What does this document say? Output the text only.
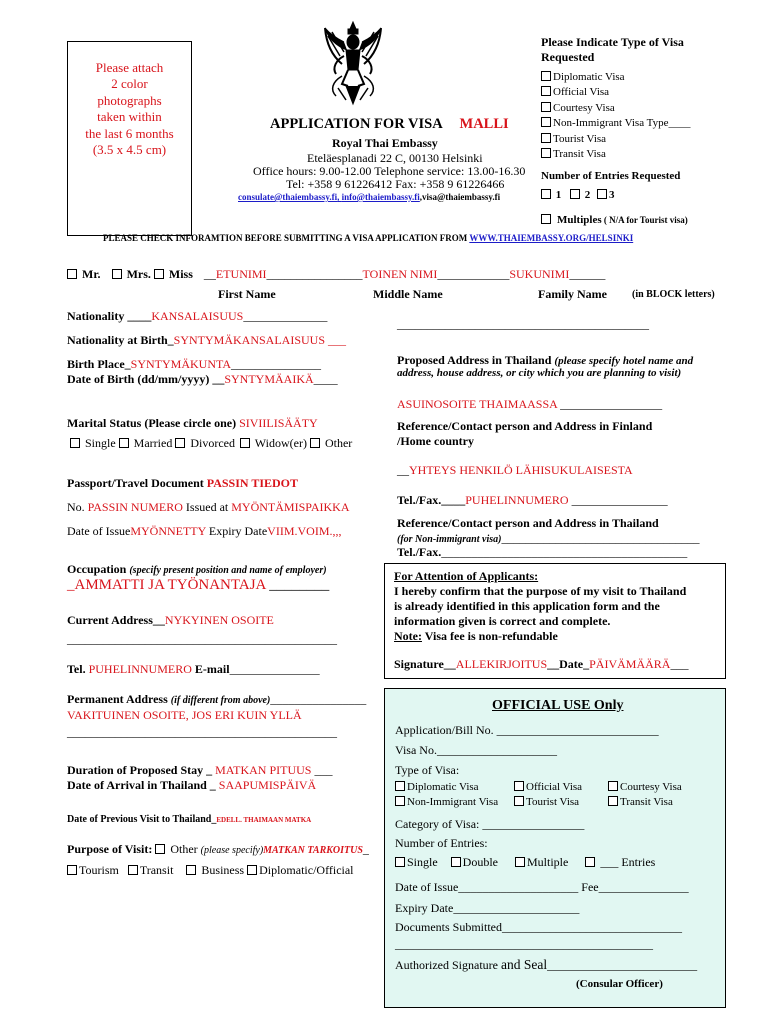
Please attach
2 color
photographs
taken within
the last 6 months
(3.5 x 4.5 cm)
APPLICATION FOR VISA MALLI
Royal Thai Embassy
Eteläesplanadi 22 C, 00130 Helsinki
Office hours: 9.00-12.00 Telephone service: 13.00-16.30
Tel: +358 9 61226412 Fax: +358 9 61226466
consulate@thaiembassy.fi, info@thaiembassy.fi,visa@thaiembassy.fi
Please Indicate Type of Visa
Requested
Diplomatic Visa
Official Visa
Courtesy Visa
Non-Immigrant Visa Type____
Tourist Visa
Transit Visa
Number of Entries Requested
1 2 3
Multiples ( N/A for Tourist visa)
PLEASE CHECK INFORAMTION BEFORE SUBMITTING A VISA APPLICATION FROM WWW.THAIEMBASSY.ORG/HELSINKI
Mr. Mrs. Miss __ETUNIMI________________TOINEN NIMI____________SUKUNIMI______
First Name	Middle Name	Family Name	(in BLOCK letters)
Nationality ____KANSALAISUUS______________
Nationality at Birth_SYNTYMÄKANSALAISUUS ___
Birth Place_SYNTYMÄKUNTA_______________
Date of Birth (dd/mm/yyyy) __SYNTYMÄAIKÄ____
Marital Status (Please circle one) SIVIILISÄÄTY
Single Married Divorced Widow(er) Other
Passport/Travel Document PASSIN TIEDOT
No. PASSIN NUMERO Issued at MYÖNTÄMISPAIKKA
Date of IssueMYÖNNETTY Expiry DateVIIM.VOIM.,,,
Occupation (specify present position and name of employer)
_AMMATTI JA TYÖNANTAJA ________
Current Address__NYKYINEN OSOITE
_____________________________________________
Tel. PUHELINNUMERO E-mail_______________
Permanent Address (if different from above)________________
VAKITUINEN OSOITE, JOS ERI KUIN YLLÄ
_____________________________________________
Duration of Proposed Stay _ MATKAN PITUUS ___
Date of Arrival in Thailand _ SAAPUMISPÄIVÄ
Date of Previous Visit to Thailand_EDELL. THAIMAAN MATKA
Purpose of Visit:  Other (please specify)MATKAN TARKOITUS_
Tourism Transit Business Diplomatic/Official
__________________________________________
Proposed Address in Thailand (please specify hotel name and
address, house address, or city which you are planning to visit)
ASUINOSOITE THAIMAASSA _________________
Reference/Contact person and Address in Finland
/Home country
__YHTEYS HENKILÖ LÄHISUKULAISESTA
Tel./Fax.____PUHELINNUMERO ________________
Reference/Contact person and Address in Thailand
(for Non-immigrant visa)_________________________________
Tel./Fax._________________________________________
For Attention of Applicants:
I hereby confirm that the purpose of my visit to Thailand
is already identified in this application form and the
information given is correct and complete.
Note: Visa fee is non-refundable
Signature__ALLEKIRJOITUS__Date_PÄIVÄMÄÄRÄ___
OFFICIAL USE Only
Application/Bill No. ___________________________
Visa No.____________________
Type of Visa:
Diplomatic Visa
Non-Immigrant Visa
Official Visa
Tourist Visa
Courtesy Visa
Transit Visa
Category of Visa: _________________
Number of Entries:
Single Double Multiple	___ Entries
Date of Issue____________________ Fee_______________
Expiry Date_____________________
Documents Submitted______________________________
___________________________________________
Authorized Signature and Seal_________________________
(Consular Officer)
